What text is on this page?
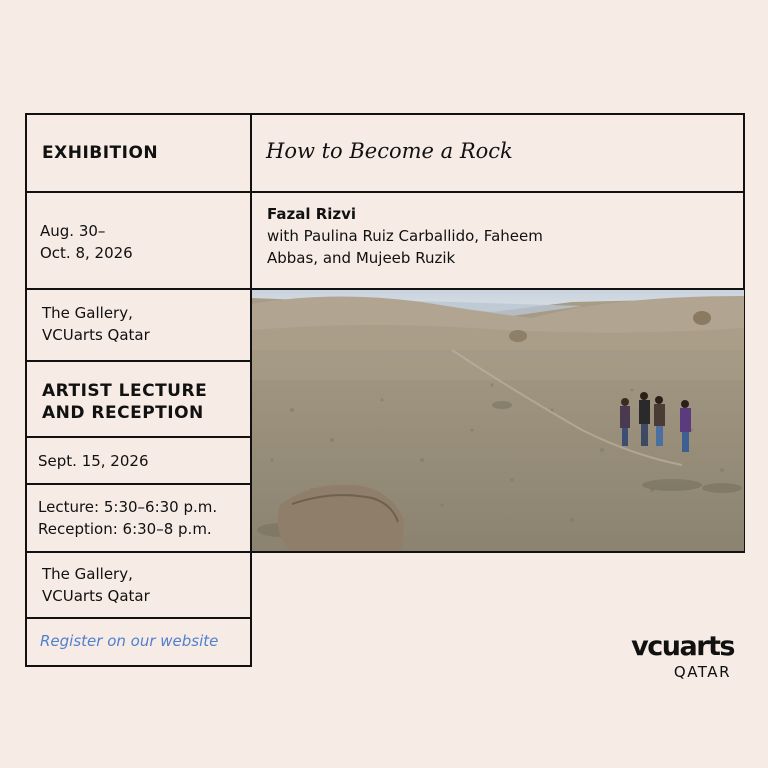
EXHIBITION	How to Become a Rock
Aug. 30–
Oct. 8, 2026
Fazal Rizvi
with Paulina Ruiz Carballido, Faheem
Abbas, and Mujeeb Ruzik
The Gallery,
VCUarts Qatar
ARTIST LECTURE
AND RECEPTION
Sept. 15, 2026
Lecture: 5:30–6:30 p.m.
Reception: 6:30–8 p.m.
The Gallery,
VCUarts Qatar
Register on our website	vcuarts
QATAR
